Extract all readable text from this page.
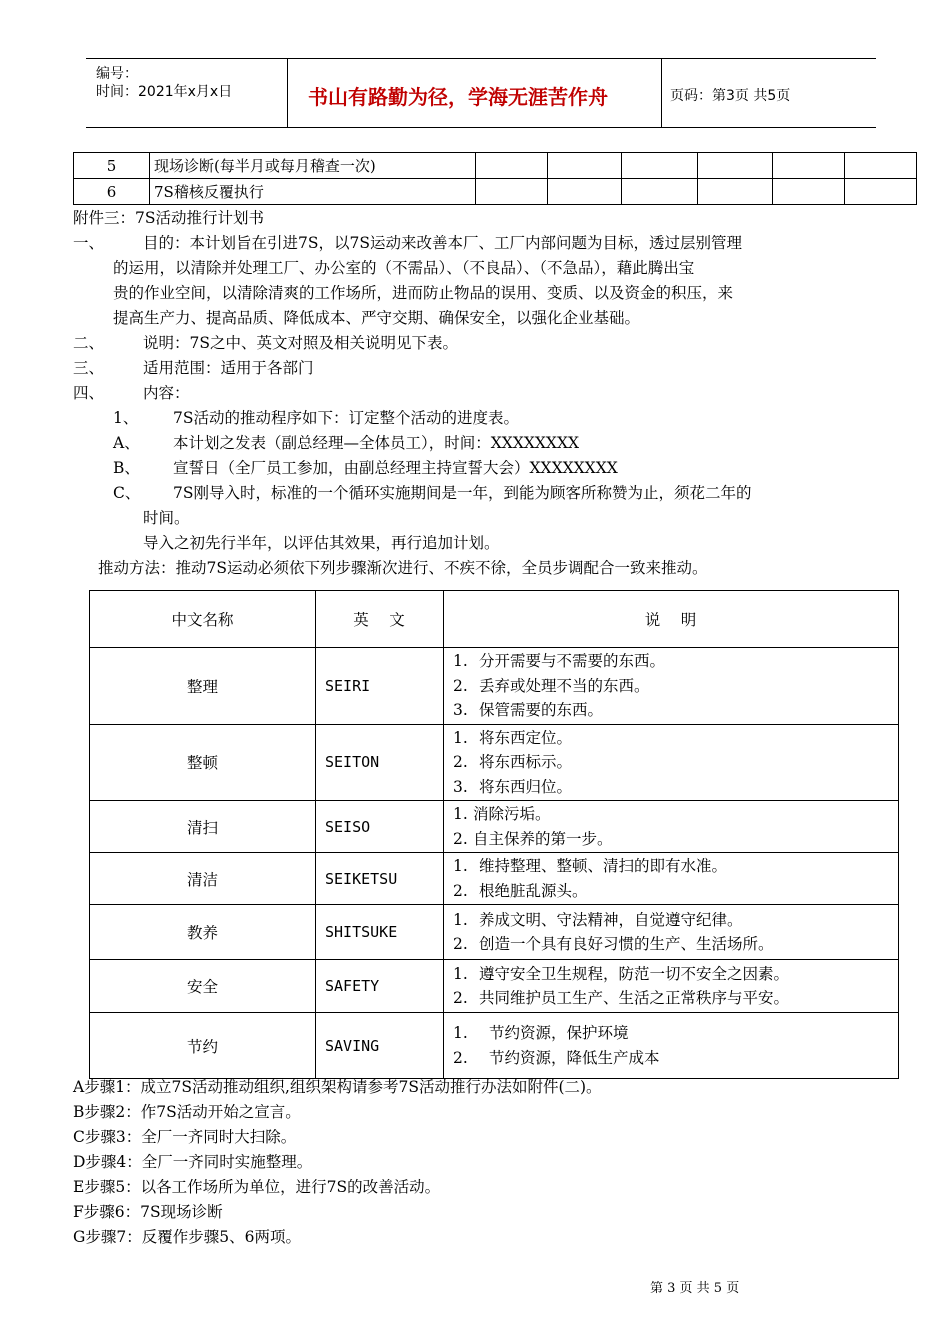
编号：
时间：2021年x月x日	书山有路勤为径，学海无涯苦作舟	页码：第3页 共5页
5	现场诊断(每半月或每月稽查一次)						
6	7S稽核反覆执行						
附件三：7S活动推行计划书
一、	目的：本计划旨在引进7S，以7S运动来改善本厂、工厂内部问题为目标，透过层别管理
的运用，以清除并处理工厂、办公室的（不需品）、（不良品）、（不急品），藉此腾出宝
贵的作业空间，以清除清爽的工作场所，进而防止物品的误用、变质、以及资金的积压，来
提高生产力、提高品质、降低成本、严守交期、确保安全，以强化企业基础。
二、	说明：7S之中、英文对照及相关说明见下表。
三、	适用范围：适用于各部门
四、	内容：
1、 7S活动的推动程序如下：订定整个活动的进度表。
A、 本计划之发表（副总经理—全体员工），时间：XXXXXXXX
B、 宣誓日（全厂员工参加，由副总经理主持宣誓大会）XXXXXXXX
C、 7S刚导入时，标准的一个循环实施期间是一年，到能为顾客所称赞为止，须花二年的
时间。
导入之初先行半年，以评估其效果，再行追加计划。
推动方法：推动7S运动必须依下列步骤渐次进行、不疾不徐，全员步调配合一致来推动。
中文名称	英　 文	说　 明
整理	SEIRI	1. 分开需要与不需要的东西。
2. 丢弃或处理不当的东西。
3. 保管需要的东西。

整顿	SEITON	1. 将东西定位。
2. 将东西标示。
3. 将东西归位。

清扫	SEISO	1. 消除污垢。
2. 自主保养的第一步。

清洁	SEIKETSU	1. 维持整理、整顿、清扫的即有水准。
2. 根绝脏乱源头。

教养	SHITSUKE	1. 养成文明、守法精神，自觉遵守纪律。
2. 创造一个具有良好习惯的生产、生活场所。

安全	SAFETY	1. 遵守安全卫生规程，防范一切不安全之因素。
2. 共同维护员工生产、生活之正常秩序与平安。

节约	SAVING	1. 节约资源，保护环境
2. 节约资源，降低生产成本
A步骤1：成立7S活动推动组织,组织架构请参考7S活动推行办法如附件(二)。
B步骤2：作7S活动开始之宣言。
C步骤3：全厂一齐同时大扫除。
D步骤4：全厂一齐同时实施整理。
E步骤5：以各工作场所为单位，进行7S的改善活动。
F步骤6：7S现场诊断
G步骤7：反覆作步骤5、6两项。
第 3 页 共 5 页
